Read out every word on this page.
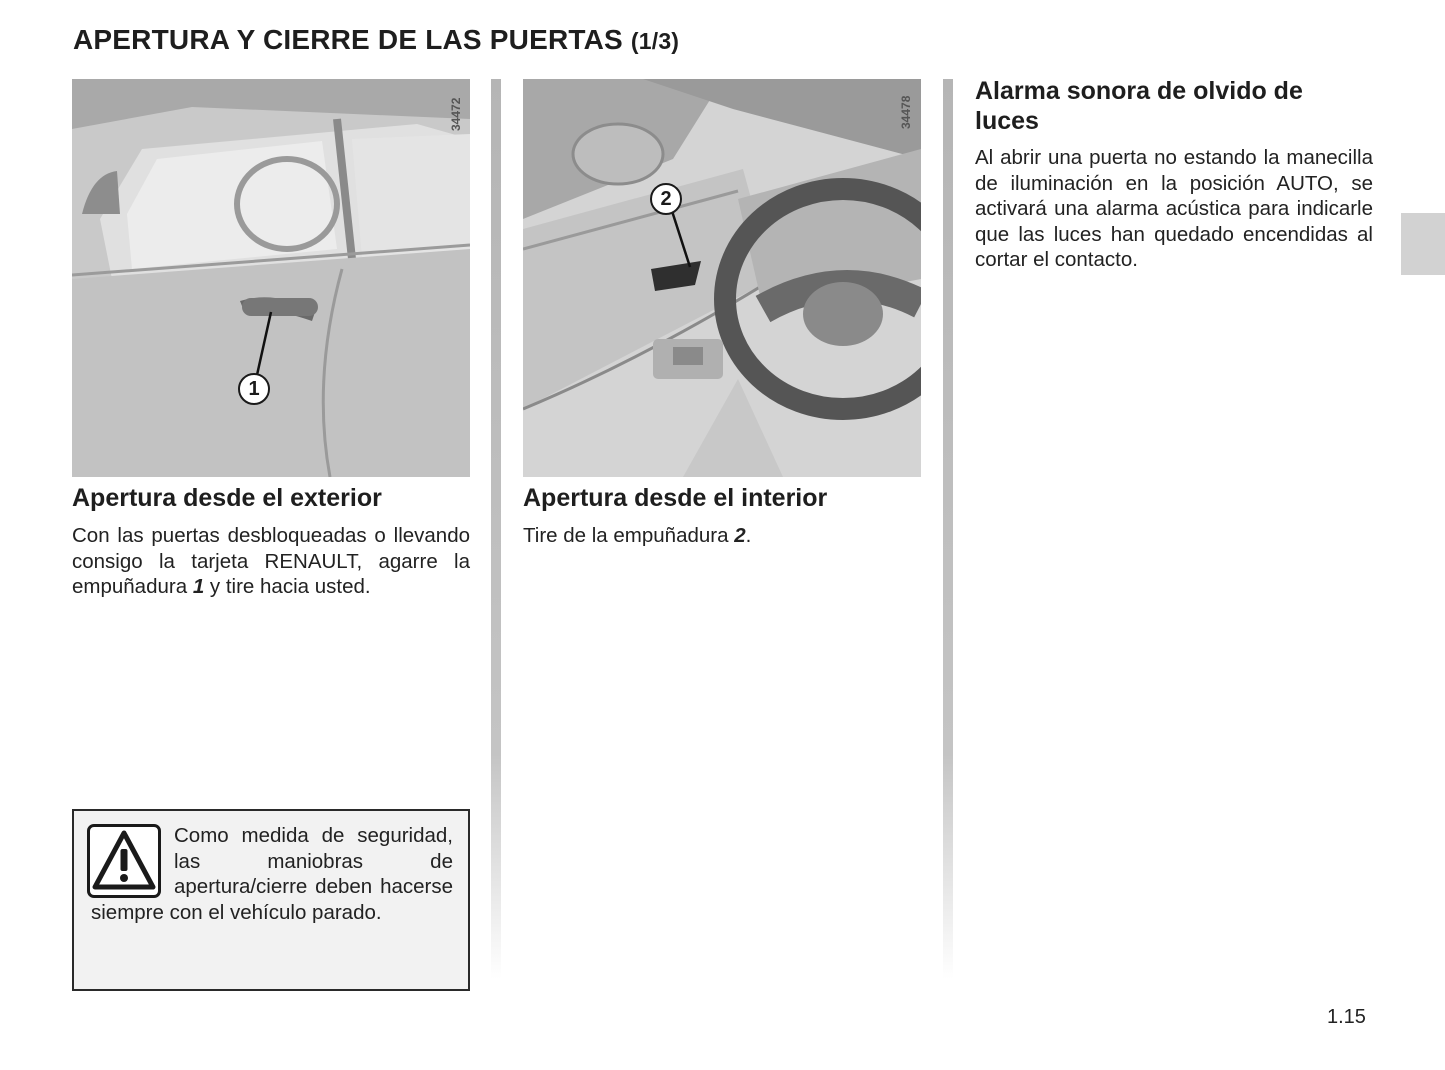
APERTURA Y CIERRE DE LAS PUERTAS (1/3)
34472
1
Apertura desde el exterior

Con las puertas desbloqueadas o llevando consigo la tarjeta RENAULT, agarre la empuñadura 1 y tire hacia usted.

34478
2
Apertura desde el interior

Tire de la empuñadura 2.

Alarma sonora de olvido de luces

Al abrir una puerta no estando la manecilla de iluminación en la posición AUTO, se activará una alarma acústica para indicarle que las luces han quedado encendidas al cortar el contacto.

Como medida de seguridad, las maniobras de apertura/cierre deben hacerse siempre con el vehículo parado.
1.15
